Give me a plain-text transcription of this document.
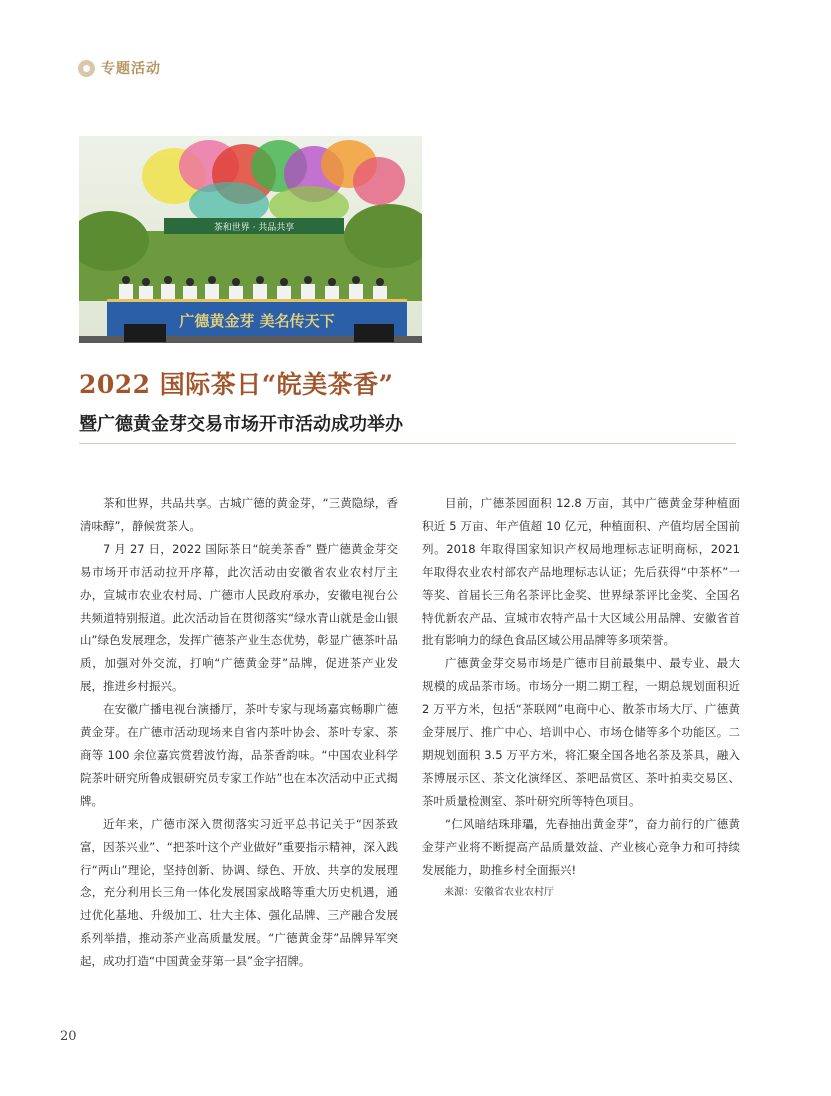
专题活动
茶和世界 · 共品共享
广德黄金芽 美名传天下
2022 国际茶日“皖美茶香”
暨广德黄金芽交易市场开市活动成功举办

茶和世界，共品共享。古城广德的黄金芽，“三黄隐绿，香清味醇”，静候赏茶人。

7 月 27 日，2022 国际茶日“皖美茶香” 暨广德黄金芽交易市场开市活动拉开序幕，此次活动由安徽省农业农村厅主办，宣城市农业农村局、广德市人民政府承办，安徽电视台公共频道特别报道。此次活动旨在贯彻落实“绿水青山就是金山银山”绿色发展理念，发挥广德茶产业生态优势，彰显广德茶叶品质，加强对外交流，打响“广德黄金芽”品牌，促进茶产业发展，推进乡村振兴。

在安徽广播电视台演播厅，茶叶专家与现场嘉宾畅聊广德黄金芽。在广德市活动现场来自省内茶叶协会、茶叶专家、茶商等 100 余位嘉宾赏碧波竹海，品茶香韵味。“中国农业科学院茶叶研究所鲁成银研究员专家工作站”也在本次活动中正式揭牌。

近年来，广德市深入贯彻落实习近平总书记关于“因茶致富，因茶兴业”、“把茶叶这个产业做好”重要指示精神，深入践行“两山”理论，坚持创新、协调、绿色、开放、共享的发展理念，充分利用长三角一体化发展国家战略等重大历史机遇，通过优化基地、升级加工、壮大主体、强化品牌、三产融合发展系列举措，推动茶产业高质量发展。“广德黄金芽”品牌异军突起，成功打造“中国黄金芽第一县”金字招牌。

目前，广德茶园面积 12.8 万亩，其中广德黄金芽种植面积近 5 万亩、年产值超 10 亿元，种植面积、产值均居全国前列。2018 年取得国家知识产权局地理标志证明商标，2021 年取得农业农村部农产品地理标志认证；先后获得“中茶杯”一等奖、首届长三角名茶评比金奖、世界绿茶评比金奖、全国名特优新农产品、宣城市农特产品十大区域公用品牌、安徽省首批有影响力的绿色食品区域公用品牌等多项荣誉。

广德黄金芽交易市场是广德市目前最集中、最专业、最大规模的成品茶市场。市场分一期二期工程，一期总规划面积近 2 万平方米，包括“茶联网”电商中心、散茶市场大厅、广德黄金芽展厅、推广中心、培训中心、市场仓储等多个功能区。二期规划面积 3.5 万平方米，将汇聚全国各地名茶及茶具，融入茶博展示区、茶文化演绎区、茶吧品赏区、茶叶拍卖交易区、茶叶质量检测室、茶叶研究所等特色项目。

“仁风暗结珠琲瓃，先春抽出黄金芽”，奋力前行的广德黄金芽产业将不断提高产品质量效益、产业核心竞争力和可持续发展能力，助推乡村全面振兴!

来源：安徽省农业农村厅

20
